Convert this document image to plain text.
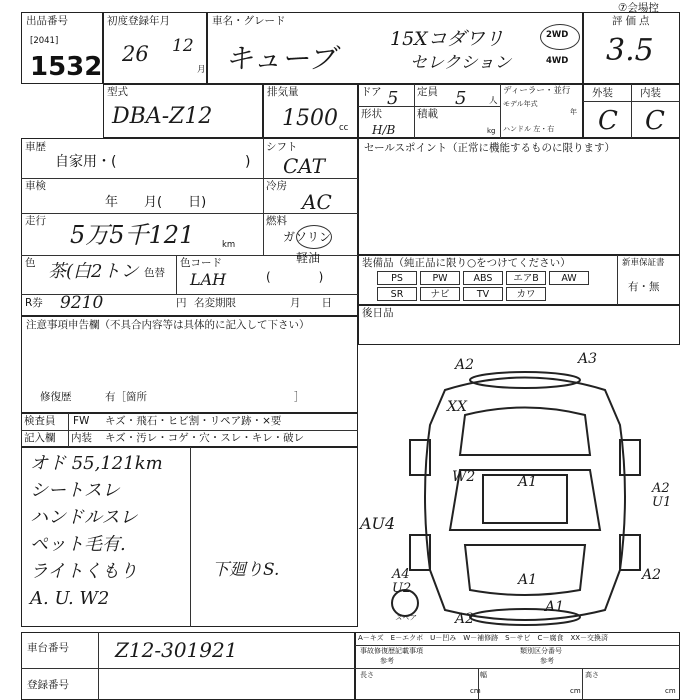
⑦会場控
出品番号
[2041]
1532
初度登録年月
26 12
月
車名・グレード
キューブ
15Xコダワリ
セレクション
2WD
4WD
評価点
3.5
型式
DBA-Z12
排気量
1500 cc
ドア 5 定員 5	人
ディーラー・並行
モデル年式
年
形状
H/B
積載
kg ハンドル 左・右
外装	内装
C C
車歴
自家用・(	)
シフト
CAT
車検
年　　月(　　日)
冷房
AC
走行 5万5千121	km
燃料
ガソリン
軽油
(　　　　)
色 茶(白2トン 色替
色コード
LAH
R券 9210	円 名変期限	月　　日
セールスポイント（正常に機能するものに限ります）
装備品（純正品に限り○をつけてください）	新車保証書
有・無
PS	PW	ABS	エアB	AW
SR	ナビ	TV	カワ
後日品
注意事項申告欄（不具合内容等は具体的に記入して下さい）
修復歴	有［箇所　　　　　　　　　　　　　　］
検査員
記入欄
FW キズ・飛石・ヒビ割・リペア跡・×要
内装 キズ・汚レ・コゲ・穴・スレ・キレ・破レ
オド 55,121km
シートスレ
ハンドルスレ
ペット毛有.
ライトくもり
A. U. W2
下廻りS.
A2	A3
XX
W2	A1	A2
U1
AU4
A4
U2
A1
A1
A2
A2
スペア
A－キズ　E－エクボ　U－凹み　W－補修跡　S－サビ　C－腐食　XX－交換済
事故修復歴記載事項
参考
類別区分番号
参考
長さ
cm
幅
cm
高さ
cm
車台番号 Z12-301921
登録番号
